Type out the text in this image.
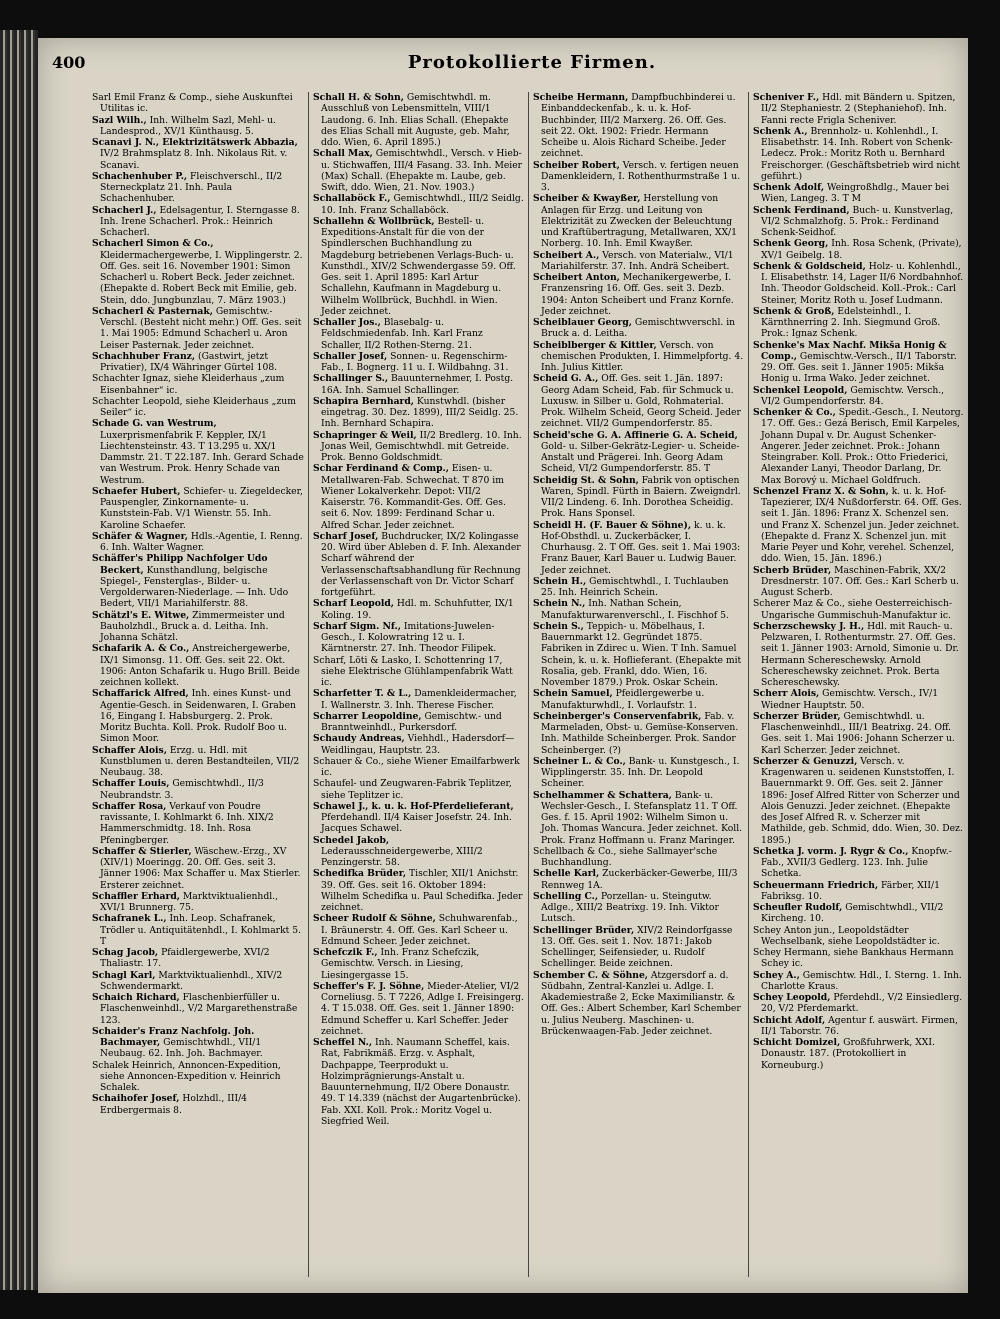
400	Protokollierte Firmen.

Sarl Emil Franz & Comp., siehe Auskunftei Utilitas ic.

Sazl Wilh., Inh. Wilhelm Sazl, Mehl- u. Landesprod., XV/1 Künthausg. 5.

Scanavi J. N., Elektrizitätswerk Abbazia, IV/2 Brahmsplatz 8. Inh. Nikolaus Rit. v. Scanavi.

Schachenhuber P., Fleischverschl., II/2 Sterneckplatz 21. Inh. Paula Schachenhuber.

Schacherl J., Edelsagentur, I. Sterngasse 8. Inh. Irene Schacherl. Prok.: Heinrich Schacherl.

Schacherl Simon & Co., Kleidermachergewerbe, I. Wipplingerstr. 2. Off. Ges. seit 16. November 1901: Simon Schacherl u. Robert Beck. Jeder zeichnet. (Ehepakte d. Robert Beck mit Emilie, geb. Stein, ddo. Jungbunzlau, 7. März 1903.)

Schacherl & Pasternak, Gemischtw.-Verschl. (Besteht nicht mehr.) Off. Ges. seit 1. Mai 1905: Edmund Schacherl u. Aron Leiser Pasternak. Jeder zeichnet.

Schachhuber Franz, (Gastwirt, jetzt Privatier), IX/4 Währinger Gürtel 108.

Schachter Ignaz, siehe Kleiderhaus „zum Eisenbahner“ ic.

Schachter Leopold, siehe Kleiderhaus „zum Seiler“ ic.

Schade G. van Westrum, Luxerprismenfabrik F. Keppler, IX/1 Liechtensteinstr. 43. T 13.295 u. XX/1 Dammstr. 21. T 22.187. Inh. Gerard Schade van Westrum. Prok. Henry Schade van Westrum.

Schaefer Hubert, Schiefer- u. Ziegeldecker, Pauspengler, Zinkornamente- u. Kunststein-Fab. V/1 Wienstr. 55. Inh. Karoline Schaefer.

Schäfer & Wagner, Hdls.-Agentie, I. Renng. 6. Inh. Walter Wagner.

Schäffer's Philipp Nachfolger Udo Beckert, Kunsthandlung, belgische Spiegel-, Fensterglas-, Bilder- u. Vergolderwaren-Niederlage. — Inh. Udo Bedert, VII/1 Mariahilferstr. 88.

Schätzl's E. Witwe, Zimmermeister und Bauholzhdl., Bruck a. d. Leitha. Inh. Johanna Schätzl.

Schafarik A. & Co., Anstreichergewerbe, IX/1 Simonsg. 11. Off. Ges. seit 22. Okt. 1906: Anton Schafarik u. Hugo Brill. Beide zeichnen kollekt.

Schaffarick Alfred, Inh. eines Kunst- und Agentie-Gesch. in Seidenwaren, I. Graben 16, Eingang I. Habsburgerg. 2. Prok. Moritz Buchta. Koll. Prok. Rudolf Boo u. Simon Moor.

Schaffer Alois, Erzg. u. Hdl. mit Kunstblumen u. deren Bestandteilen, VII/2 Neubaug. 38.

Schaffer Louis, Gemischtwhdl., II/3 Neubrandstr. 3.

Schaffer Rosa, Verkauf von Poudre ravissante, I. Kohlmarkt 6. Inh. XIX/2 Hammerschmidtg. 18. Inh. Rosa Pfeningberger.

Schaffer & Stierler, Wäschew.-Erzg., XV (XIV/1) Moeringg. 20. Off. Ges. seit 3. Jänner 1906: Max Schaffer u. Max Stierler. Ersterer zeichnet.

Schaffler Erhard, Marktviktualienhdl., XVI/1 Brunnerg. 75.

Schafranek L., Inh. Leop. Schafranek, Trödler u. Antiquitätenhdl., I. Kohlmarkt 5. T

Schag Jacob, Pfaidlergewerbe, XVI/2 Thaliastr. 17.

Schagl Karl, Marktviktualienhdl., XIV/2 Schwendermarkt.

Schaich Richard, Flaschenbierfüller u. Flaschenweinhdl., V/2 Margarethenstraße 123.

Schaider's Franz Nachfolg. Joh. Bachmayer, Gemischtwhdl., VII/1 Neubaug. 62. Inh. Joh. Bachmayer.

Schalek Heinrich, Annoncen-Expedition, siehe Annoncen-Expedition v. Heinrich Schalek.

Schaihofer Josef, Holzhdl., III/4 Erdbergermais 8.

Schall H. & Sohn, Gemischtwhdl. m. Ausschluß von Lebensmitteln, VIII/1 Laudong. 6. Inh. Elias Schall. (Ehepakte des Elias Schall mit Auguste, geb. Mahr, ddo. Wien, 6. April 1895.)

Schall Max, Gemischtwhdl., Versch. v Hieb- u. Stichwaffen, III/4 Fasang. 33. Inh. Meier (Max) Schall. (Ehepakte m. Laube, geb. Swift, ddo. Wien, 21. Nov. 1903.)

Schallaböck F., Gemischtwhdl., III/2 Seidlg. 10. Inh. Franz Schallaböck.

Schallehn & Wollbrück, Bestell- u. Expeditions-Anstalt für die von der Spindlerschen Buchhandlung zu Magdeburg betriebenen Verlags-Buch- u. Kunsthdl., XIV/2 Schwendergasse 59. Off. Ges. seit 1. April 1895: Karl Artur Schallehn, Kaufmann in Magdeburg u. Wilhelm Wollbrück, Buchhdl. in Wien. Jeder zeichnet.

Schaller Jos., Blasebalg- u. Feldschmiedenfab. Inh. Karl Franz Schaller, II/2 Rothen-Sterng. 21.

Schaller Josef, Sonnen- u. Regenschirm-Fab., I. Bognerg. 11 u. I. Wildbahng. 31.

Schallinger S., Bauunternehmer, I. Postg. 16A. Inh. Samuel Schallinger.

Schapira Bernhard, Kunstwhdl. (bisher eingetrag. 30. Dez. 1899), III/2 Seidlg. 25. Inh. Bernhard Schapira.

Schapringer & Weil, II/2 Bredlerg. 10. Inh. Jonas Weil, Gemischtwhdl. mit Getreide. Prok. Benno Goldschmidt.

Schar Ferdinand & Comp., Eisen- u. Metallwaren-Fab. Schwechat. T 870 im Wiener Lokalverkehr. Depot: VII/2 Kaiserstr. 76. Kommandit-Ges. Off. Ges. seit 6. Nov. 1899: Ferdinand Schar u. Alfred Schar. Jeder zeichnet.

Scharf Josef, Buchdrucker, IX/2 Kolingasse 20. Wird über Ableben d. F. Inh. Alexander Scharf während der Verlassenschaftsabhandlung für Rechnung der Verlassenschaft von Dr. Victor Scharf fortgeführt.

Scharf Leopold, Hdl. m. Schuhfutter, IX/1 Koling. 19.

Scharf Sigm. Nf., Imitations-Juwelen-Gesch., I. Kolowratring 12 u. I. Kärntnerstr. 27. Inh. Theodor Filipek.

Scharf, Löti & Lasko, I. Schottenring 17, siehe Elektrische Glühlampenfabrik Watt ic.

Scharfetter T. & L., Damenkleidermacher, I. Wallnerstr. 3. Inh. Therese Fischer.

Scharrer Leopoldine, Gemischtw.- und Branntweinhdl., Purkersdorf.

Schaudy Andreas, Viehhdl., Hadersdorf—Weidlingau, Hauptstr. 23.

Schauer & Co., siehe Wiener Emailfarbwerk ic.

Schaufel- und Zeugwaren-Fabrik Teplitzer, siehe Teplitzer ic.

Schawel J., k. u. k. Hof-Pferdelieferant, Pferdehandl. II/4 Kaiser Josefstr. 24. Inh. Jacques Schawel.

Schedel Jakob, Lederausschneidergewerbe, XIII/2 Penzingerstr. 58.

Schedifka Brüder, Tischler, XII/1 Anichstr. 39. Off. Ges. seit 16. Oktober 1894: Wilhelm Schedifka u. Paul Schedifka. Jeder zeichnet.

Scheer Rudolf & Söhne, Schuhwarenfab., I. Bräunerstr. 4. Off. Ges. Karl Scheer u. Edmund Scheer. Jeder zeichnet.

Schefczik F., Inh. Franz Schefczik, Gemischtw. Versch. in Liesing, Liesingergasse 15.

Scheffer's F. J. Söhne, Mieder-Atelier, VI/2 Corneliusg. 5. T 7226, Adlge I. Freisingerg. 4. T 15.038. Off. Ges. seit 1. Jänner 1890: Edmund Scheffer u. Karl Scheffer. Jeder zeichnet.

Scheffel N., Inh. Naumann Scheffel, kais. Rat, Fabrikmäß. Erzg. v. Asphalt, Dachpappe, Teerprodukt u. Holzimprägnierungs-Anstalt u. Bauunternehmung, II/2 Obere Donaustr. 49. T 14.339 (nächst der Augartenbrücke). Fab. XXI. Koll. Prok.: Moritz Vogel u. Siegfried Weil.

Scheibe Hermann, Dampfbuchbinderei u. Einbanddeckenfab., k. u. k. Hof-Buchbinder, III/2 Marxerg. 26. Off. Ges. seit 22. Okt. 1902: Friedr. Hermann Scheibe u. Alois Richard Scheibe. Jeder zeichnet.

Scheiber Robert, Versch. v. fertigen neuen Damenkleidern, I. Rothenthurmstraße 1 u. 3.

Scheiber & Kwayßer, Herstellung von Anlagen für Erzg. und Leitung von Elektrizität zu Zwecken der Beleuchtung und Kraftübertragung, Metallwaren, XX/1 Norberg. 10. Inh. Emil Kwayßer.

Scheibert A., Versch. von Materialw., VI/1 Mariahilferstr. 37. Inh. Andrä Scheibert.

Scheibert Anton, Mechanikergewerbe, I. Franzensring 16. Off. Ges. seit 3. Dezb. 1904: Anton Scheibert und Franz Kornfe. Jeder zeichnet.

Scheiblauer Georg, Gemischtwverschl. in Bruck a. d. Leitha.

Scheiblberger & Kittler, Versch. von chemischen Produkten, I. Himmelpfortg. 4. Inh. Julius Kittler.

Scheid G. A., Off. Ges. seit 1. Jän. 1897: Georg Adam Scheid, Fab. für Schmuck u. Luxusw. in Silber u. Gold, Rohmaterial. Prok. Wilhelm Scheid, Georg Scheid. Jeder zeichnet. VII/2 Gumpendorferstr. 85.

Scheid'sche G. A. Affinerie G. A. Scheid, Gold- u. Silber-Gekrätz-Legier- u. Scheide-Anstalt und Prägerei. Inh. Georg Adam Scheid, VI/2 Gumpendorferstr. 85. T

Scheidig St. & Sohn, Fabrik von optischen Waren, Spindl. Fürth in Baiern. Zweigndrl. VII/2 Lindeng. 6. Inh. Dorothea Scheidig. Prok. Hans Sponsel.

Scheidl H. (F. Bauer & Söhne), k. u. k. Hof-Obsthdl. u. Zuckerbäcker, I. Churhausg. 2. T Off. Ges. seit 1. Mai 1903: Franz Bauer, Karl Bauer u. Ludwig Bauer. Jeder zeichnet.

Schein H., Gemischtwhdl., I. Tuchlauben 25. Inh. Heinrich Schein.

Schein N., Inh. Nathan Schein, Manufakturwarenverschl., I. Fischhof 5.

Schein S., Teppich- u. Möbelhaus, I. Bauernmarkt 12. Gegründet 1875. Fabriken in Zdirec u. Wien. T Inh. Samuel Schein, k. u. k. Hoflieferant. (Ehepakte mit Rosalia, geb. Frankl, ddo. Wien, 16. November 1879.) Prok. Oskar Schein.

Schein Samuel, Pfeidlergewerbe u. Manufakturwhdl., I. Vorlaufstr. 1.

Scheinberger's Conservenfabrik, Fab. v. Marmeladen, Obst- u. Gemüse-Konserven. Inh. Mathilde Scheinberger. Prok. Sandor Scheinberger. (?)

Scheiner L. & Co., Bank- u. Kunstgesch., I. Wipplingerstr. 35. Inh. Dr. Leopold Scheiner.

Schelhammer & Schattera, Bank- u. Wechsler-Gesch., I. Stefansplatz 11. T Off. Ges. f. 15. April 1902: Wilhelm Simon u. Joh. Thomas Wancura. Jeder zeichnet. Koll. Prok. Franz Hoffmann u. Franz Maringer.

Schellbach & Co., siehe Sallmayer'sche Buchhandlung.

Schelle Karl, Zuckerbäcker-Gewerbe, III/3 Rennweg 1A.

Schelling C., Porzellan- u. Steingutw. Adlge., XIII/2 Beatrixg. 19. Inh. Viktor Lutsch.

Schellinger Brüder, XIV/2 Reindorfgasse 13. Off. Ges. seit 1. Nov. 1871: Jakob Schellinger, Seifensieder, u. Rudolf Schellinger. Beide zeichnen.

Schember C. & Söhne, Atzgersdorf a. d. Südbahn, Zentral-Kanzlei u. Adlge. I. Akademiestraße 2, Ecke Maximilianstr. & Off. Ges.: Albert Schember, Karl Schember u. Julius Neuberg. Maschinen- u. Brückenwaagen-Fab. Jeder zeichnet.

Scheniver F., Hdl. mit Bändern u. Spitzen, II/2 Stephaniestr. 2 (Stephaniehof). Inh. Fanni recte Frigla Scheniver.

Schenk A., Brennholz- u. Kohlenhdl., I. Elisabethstr. 14. Inh. Robert von Schenk-Ledecz. Prok.: Moritz Roth u. Bernhard Freischorger. (Geschäftsbetrieb wird nicht geführt.)

Schenk Adolf, Weingroßhdlg., Mauer bei Wien, Langeg. 3. T M

Schenk Ferdinand, Buch- u. Kunstverlag, VI/2 Schmalzhofg. 5. Prok.: Ferdinand Schenk-Seidhof.

Schenk Georg, Inh. Rosa Schenk, (Private), XV/1 Geibelg. 18.

Schenk & Goldscheid, Holz- u. Kohlenhdl., I. Elisabethstr. 14, Lager II/6 Nordbahnhof. Inh. Theodor Goldscheid. Koll.-Prok.: Carl Steiner, Moritz Roth u. Josef Ludmann.

Schenk & Groß, Edelsteinhdl., I. Kärnthnerring 2. Inh. Siegmund Groß. Prok.: Ignaz Schenk.

Schenke's Max Nachf. Mikša Honig & Comp., Gemischtw.-Versch., II/1 Taborstr. 29. Off. Ges. seit 1. Jänner 1905: Mikša Honig u. Irma Wako. Jeder zeichnet.

Schenkel Leopold, Gemischtw. Versch., VI/2 Gumpendorferstr. 84.

Schenker & Co., Spedit.-Gesch., I. Neutorg. 17. Off. Ges.: Gezá Berisch, Emil Karpeles, Johann Dupal v. Dr. August Schenker-Angerer. Jeder zeichnet. Prok.: Johann Steingraber. Koll. Prok.: Otto Friederici, Alexander Lanyi, Theodor Darlang, Dr. Max Borový u. Michael Goldfruch.

Schenzel Franz X. & Sohn, k. u. k. Hof-Tapezierer, IX/4 Nußdorferstr. 64. Off. Ges. seit 1. Jän. 1896: Franz X. Schenzel sen. und Franz X. Schenzel jun. Jeder zeichnet. (Ehepakte d. Franz X. Schenzel jun. mit Marie Peyer und Kohr, verehel. Schenzel, ddo. Wien, 15. Jän. 1896.)

Scherb Brüder, Maschinen-Fabrik, XX/2 Dresdnerstr. 107. Off. Ges.: Karl Scherb u. August Scherb.

Scherer Maz & Co., siehe Oesterreichisch-Ungarische Gummischuh-Manufaktur ic.

Scherzschewsky J. H., Hdl. mit Rauch- u. Pelzwaren, I. Rothenturmstr. 27. Off. Ges. seit 1. Jänner 1903: Arnold, Simonie u. Dr. Hermann Schereschewsky. Arnold Schereschewsky zeichnet. Prok. Berta Schereschewsky.

Scherr Alois, Gemischtw. Versch., IV/1 Wiedner Hauptstr. 50.

Scherzer Brüder, Gemischtwhdl. u. Flaschenweinhdl., III/1 Beatrixg. 24. Off. Ges. seit 1. Mai 1906: Johann Scherzer u. Karl Scherzer. Jeder zeichnet.

Scherzer & Genuzzi, Versch. v. Kragenwaren u. seidenen Kunststoffen, I. Bauernmarkt 9. Off. Ges. seit 2. Jänner 1896: Josef Alfred Ritter von Scherzer und Alois Genuzzi. Jeder zeichnet. (Ehepakte des Josef Alfred R. v. Scherzer mit Mathilde, geb. Schmid, ddo. Wien, 30. Dez. 1895.)

Schetka J. vorm. J. Rygr & Co., Knopfw.-Fab., XVII/3 Gedlerg. 123. Inh. Julie Schetka.

Scheuermann Friedrich, Färber, XII/1 Fabriksg. 10.

Scheufler Rudolf, Gemischtwhdl., VII/2 Kircheng. 10.

Schey Anton jun., Leopoldstädter Wechselbank, siehe Leopoldstädter ic.

Schey Hermann, siehe Bankhaus Hermann Schey ic.

Schey A., Gemischtw. Hdl., I. Sterng. 1. Inh. Charlotte Kraus.

Schey Leopold, Pferdehdl., V/2 Einsiedlerg. 20, V/2 Pferdemarkt.

Schicht Adolf, Agentur f. auswärt. Firmen, II/1 Taborstr. 76.

Schicht Domizel, Großfuhrwerk, XXI. Donaustr. 187. (Protokolliert in Korneuburg.)
